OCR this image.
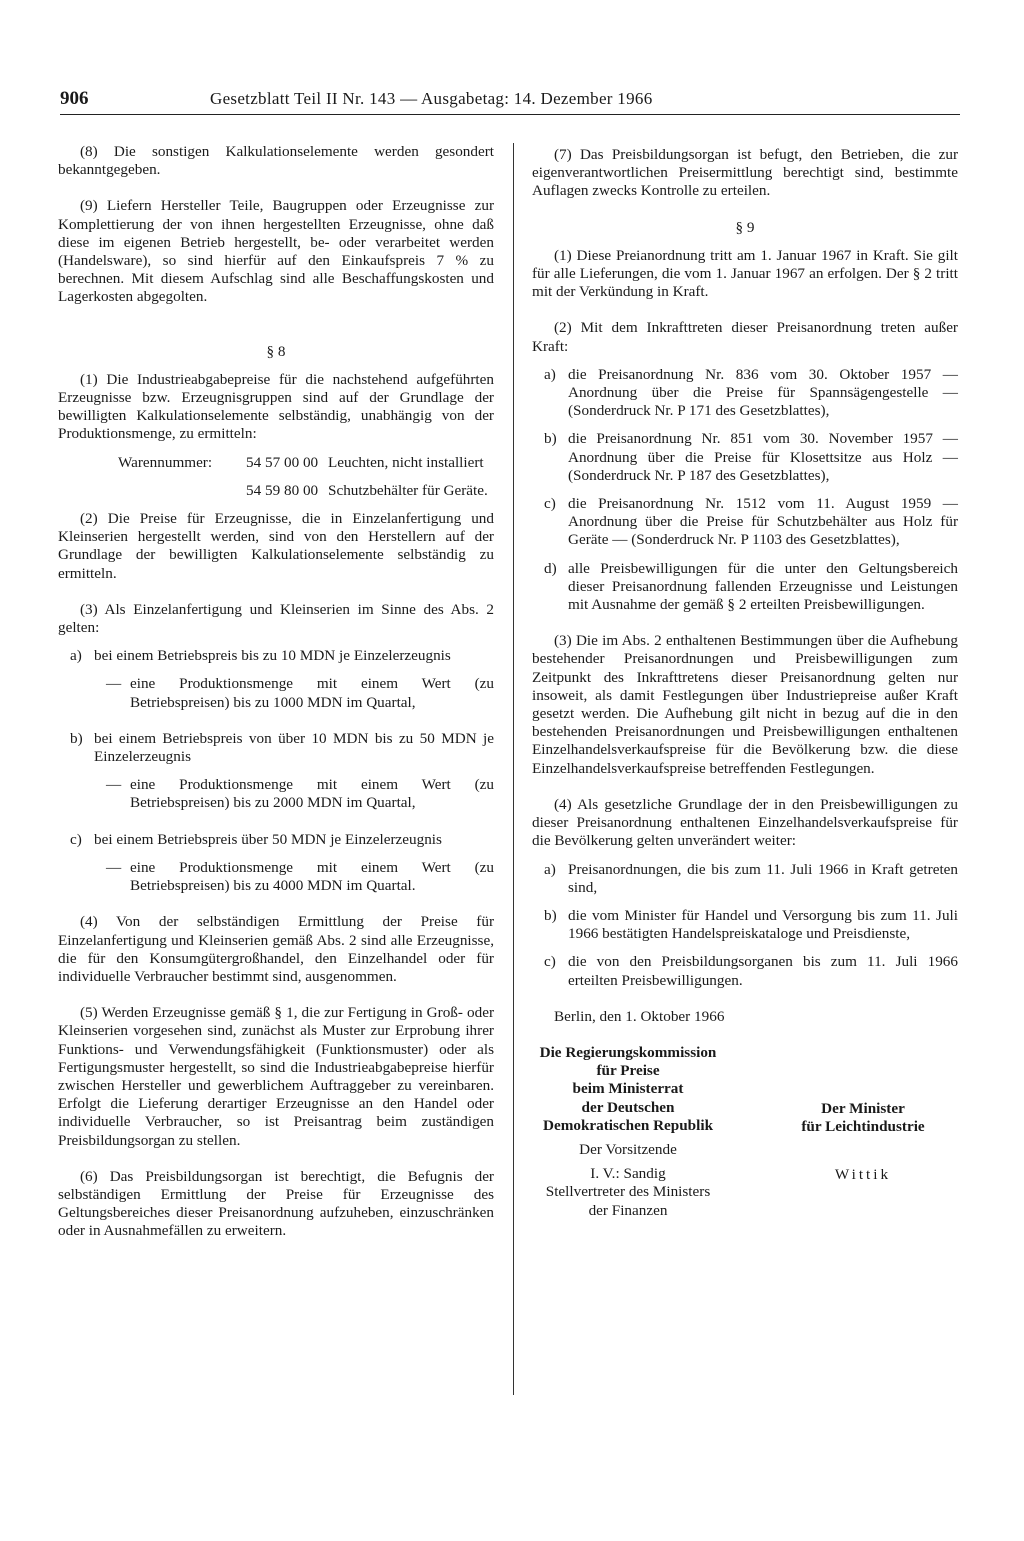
906	Gesetzblatt Teil II Nr. 143 — Ausgabetag: 14. Dezember 1966

(8) Die sonstigen Kalkulationselemente werden gesondert bekanntgegeben.

(9) Liefern Hersteller Teile, Baugruppen oder Erzeugnisse zur Komplettierung der von ihnen hergestellten Erzeugnisse, ohne daß diese im eigenen Betrieb hergestellt, be- oder verarbeitet werden (Handelsware), so sind hierfür auf den Einkaufspreis 7 % zu berechnen. Mit diesem Aufschlag sind alle Beschaffungskosten und Lagerkosten abgegolten.

§ 8

(1) Die Industrieabgabepreise für die nachstehend aufgeführten Erzeugnisse bzw. Erzeugnisgruppen sind auf der Grundlage der bewilligten Kalkulationselemente selbständig, unabhängig von der Produktionsmenge, zu ermitteln:

Warennummer:	54 57 00 00 Leuchten, nicht installiert
54 59 80 00 Schutzbehälter für Geräte.

(2) Die Preise für Erzeugnisse, die in Einzelanfertigung und Kleinserien hergestellt werden, sind von den Herstellern auf der Grundlage der bewilligten Kalkulationselemente selbständig zu ermitteln.

(3) Als Einzelanfertigung und Kleinserien im Sinne des Abs. 2 gelten:

a) bei einem Betriebspreis bis zu 10 MDN je Einzelerzeugnis
— eine Produktionsmenge mit einem Wert (zu Betriebspreisen) bis zu 1000 MDN im Quartal,
b) bei einem Betriebspreis von über 10 MDN bis zu 50 MDN je Einzelerzeugnis
— eine Produktionsmenge mit einem Wert (zu Betriebspreisen) bis zu 2000 MDN im Quartal,
c) bei einem Betriebspreis über 50 MDN je Einzelerzeugnis
— eine Produktionsmenge mit einem Wert (zu Betriebspreisen) bis zu 4000 MDN im Quartal.

(4) Von der selbständigen Ermittlung der Preise für Einzelanfertigung und Kleinserien gemäß Abs. 2 sind alle Erzeugnisse, die für den Konsumgütergroßhandel, den Einzelhandel oder für individuelle Verbraucher bestimmt sind, ausgenommen.

(5) Werden Erzeugnisse gemäß § 1, die zur Fertigung in Groß- oder Kleinserien vorgesehen sind, zunächst als Muster zur Erprobung ihrer Funktions- und Verwendungsfähigkeit (Funktionsmuster) oder als Fertigungsmuster hergestellt, so sind die Industrieabgabepreise hierfür zwischen Hersteller und gewerblichem Auftraggeber zu vereinbaren. Erfolgt die Lieferung derartiger Erzeugnisse an den Handel oder individuelle Verbraucher, so ist Preisantrag beim zuständigen Preisbildungsorgan zu stellen.

(6) Das Preisbildungsorgan ist berechtigt, die Befugnis der selbständigen Ermittlung der Preise für Erzeugnisse des Geltungsbereiches dieser Preisanordnung aufzuheben, einzuschränken oder in Ausnahmefällen zu erweitern.

(7) Das Preisbildungsorgan ist befugt, den Betrieben, die zur eigenverantwortlichen Preisermittlung berechtigt sind, bestimmte Auflagen zwecks Kontrolle zu erteilen.

§ 9

(1) Diese Preianordnung tritt am 1. Januar 1967 in Kraft. Sie gilt für alle Lieferungen, die vom 1. Januar 1967 an erfolgen. Der § 2 tritt mit der Verkündung in Kraft.

(2) Mit dem Inkrafttreten dieser Preisanordnung treten außer Kraft:

a) die Preisanordnung Nr. 836 vom 30. Oktober 1957 — Anordnung über die Preise für Spannsägengestelle — (Sonderdruck Nr. P 171 des Gesetzblattes),
b) die Preisanordnung Nr. 851 vom 30. November 1957 — Anordnung über die Preise für Klosettsitze aus Holz — (Sonderdruck Nr. P 187 des Gesetzblattes),
c) die Preisanordnung Nr. 1512 vom 11. August 1959 — Anordnung über die Preise für Schutzbehälter aus Holz für Geräte — (Sonderdruck Nr. P 1103 des Gesetzblattes),
d) alle Preisbewilligungen für die unter den Geltungsbereich dieser Preisanordnung fallenden Erzeugnisse und Leistungen mit Ausnahme der gemäß § 2 erteilten Preisbewilligungen.

(3) Die im Abs. 2 enthaltenen Bestimmungen über die Aufhebung bestehender Preisanordnungen und Preisbewilligungen zum Zeitpunkt des Inkrafttretens dieser Preisanordnung gelten nur insoweit, als damit Festlegungen über Industriepreise außer Kraft gesetzt werden. Die Aufhebung gilt nicht in bezug auf die in den bestehenden Preisanordnungen und Preisbewilligungen enthaltenen Einzelhandelsverkaufspreise für die Bevölkerung bzw. die diese Einzelhandelsverkaufspreise betreffenden Festlegungen.

(4) Als gesetzliche Grundlage der in den Preisbewilligungen zu dieser Preisanordnung enthaltenen Einzelhandelsverkaufspreise für die Bevölkerung gelten unverändert weiter:

a) Preisanordnungen, die bis zum 11. Juli 1966 in Kraft getreten sind,
b) die vom Minister für Handel und Versorgung bis zum 11. Juli 1966 bestätigten Handelspreiskataloge und Preisdienste,
c) die von den Preisbildungsorganen bis zum 11. Juli 1966 erteilten Preisbewilligungen.

Berlin, den 1. Oktober 1966

Die Regierungskommission
für Preise
beim Ministerrat
der Deutschen
Demokratischen Republik
Der Vorsitzende
I. V.: Sandig
Stellvertreter des Ministers
der Finanzen
Der Minister
für Leichtindustrie
Wittik
